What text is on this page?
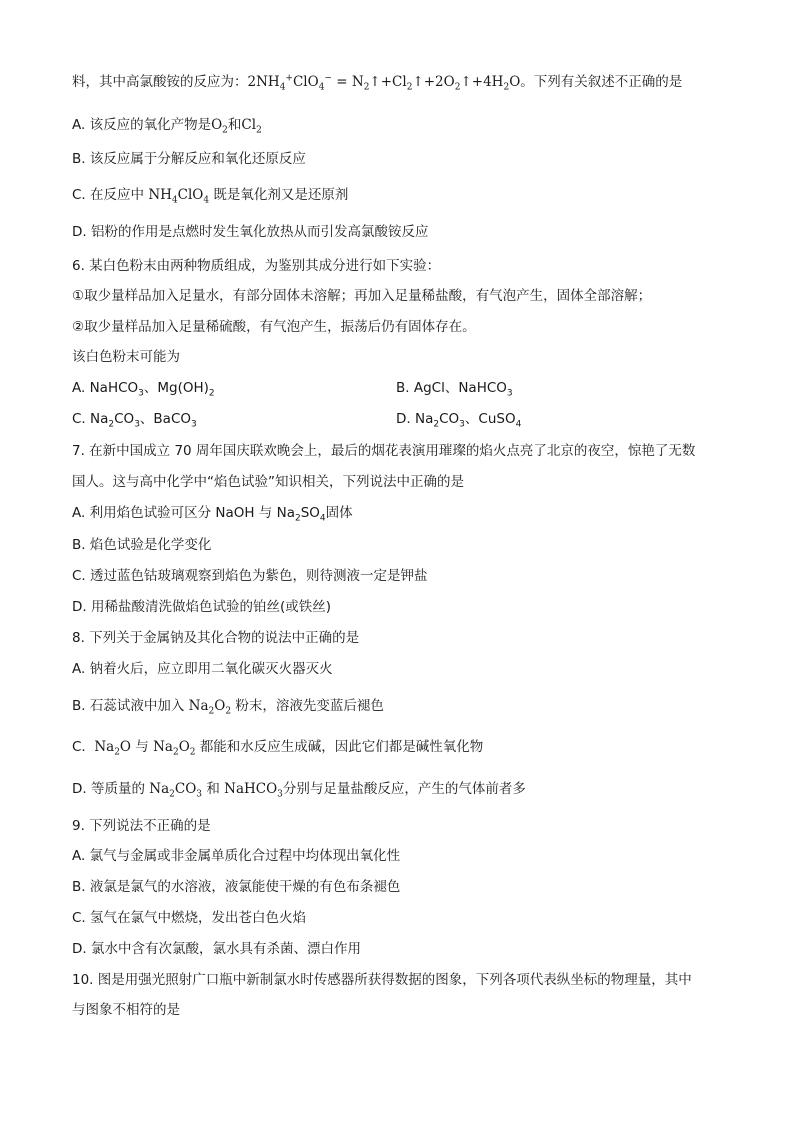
料，其中高氯酸铵的反应为：$2NH_4^+ClO_4^-$ = $N_2↑+Cl_2↑+2O_2↑+4H_2O$。下列有关叙述不正确的是
A. 该反应的氧化产物是$O_2$和$Cl_2$
B. 该反应属于分解反应和氧化还原反应
C. 在反应中 $NH_4ClO_4$ 既是氧化剂又是还原剂
D. 铝粉的作用是点燃时发生氧化放热从而引发高氯酸铵反应
6. 某白色粉末由两种物质组成，为鉴别其成分进行如下实验：
①取少量样品加入足量水，有部分固体未溶解；再加入足量稀盐酸，有气泡产生，固体全部溶解；
②取少量样品加入足量稀硫酸，有气泡产生，振荡后仍有固体存在。
该白色粉末可能为
A. NaHCO$_3$、$Mg(OH)_2$	B. AgCl、NaHCO$_3$
C. $Na_2CO_3$、BaCO$_3$	D. $Na_2CO_3$、CuSO$_4$
7. 在新中国成立 70 周年国庆联欢晚会上，最后的烟花表演用璀璨的焰火点亮了北京的夜空，惊艳了无数
国人。这与高中化学中“焰色试验”知识相关，下列说法中正确的是
A. 利用焰色试验可区分 NaOH 与 $Na_2SO_4$固体
B. 焰色试验是化学变化
C. 透过蓝色钴玻璃观察到焰色为紫色，则待测液一定是钾盐
D. 用稀盐酸清洗做焰色试验的铂丝(或铁丝)
8. 下列关于金属钠及其化合物的说法中正确的是
A. 钠着火后，应立即用二氧化碳灭火器灭火
B. 石蕊试液中加入 $Na_2O_2$ 粉末，溶液先变蓝后褪色
C.  $Na_2O$ 与 $Na_2O_2$ 都能和水反应生成碱，因此它们都是碱性氧化物
D. 等质量的 $Na_2CO_3$ 和 NaHCO$_3$分别与足量盐酸反应，产生的气体前者多
9. 下列说法不正确的是
A. 氯气与金属或非金属单质化合过程中均体现出氧化性
B. 液氯是氯气的水溶液，液氯能使干燥的有色布条褪色
C. 氢气在氯气中燃烧，发出苍白色火焰
D. 氯水中含有次氯酸，氯水具有杀菌、漂白作用
10. 图是用强光照射广口瓶中新制氯水时传感器所获得数据的图象，下列各项代表纵坐标的物理量，其中
与图象不相符的是
